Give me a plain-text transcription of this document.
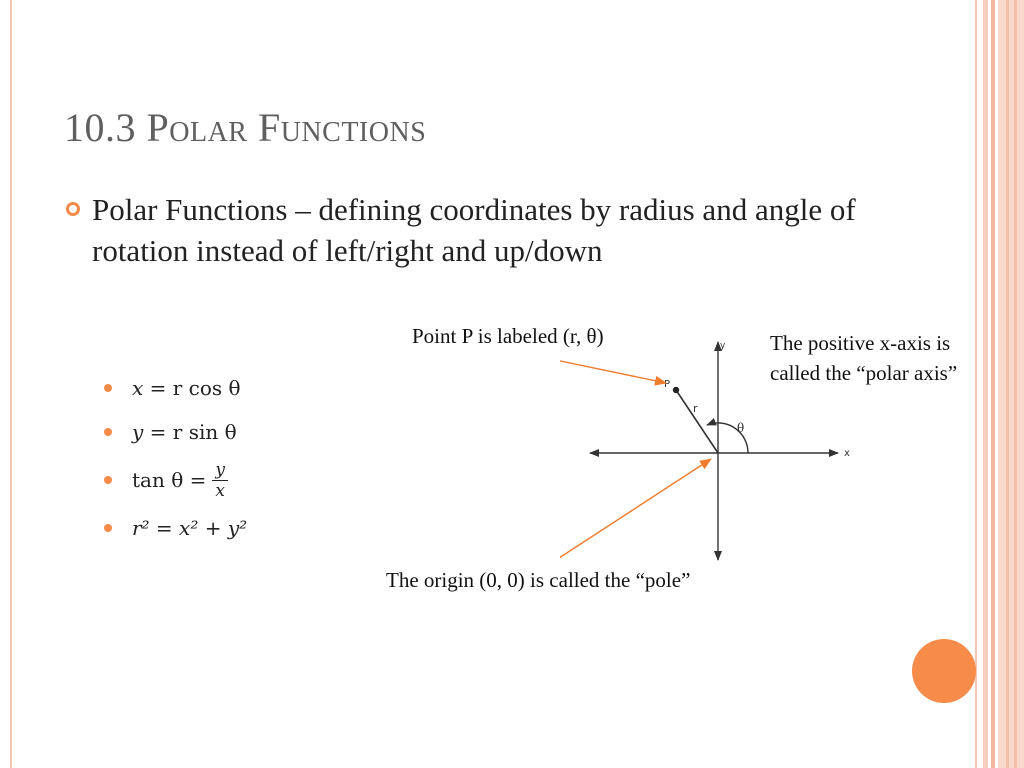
10.3 Polar Functions

Polar Functions – defining coordinates by radius and angle of rotation instead of left/right and up/down

x
= r cos θ
y
= r sin θ
$\tan \theta = \frac{y}{x}$
r² = x² + y²

Point P is labeled (r, θ)	The positive x-axis is called the “polar axis”

The origin (0, 0) is called the “pole”

P
r
θ
x
y
